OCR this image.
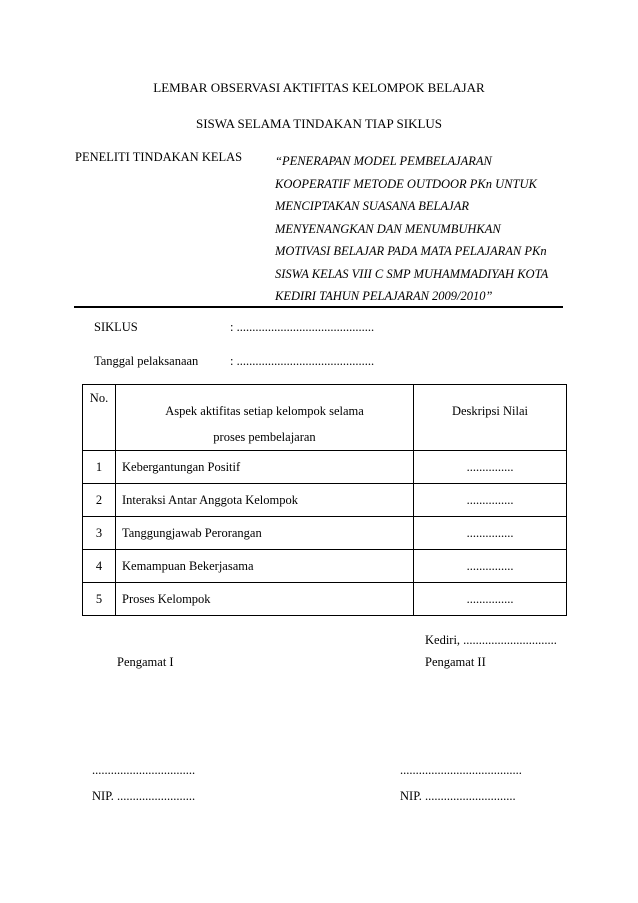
LEMBAR OBSERVASI AKTIFITAS KELOMPOK BELAJAR
SISWA SELAMA TINDAKAN TIAP SIKLUS
PENELITI TINDAKAN KELAS	“PENERAPAN MODEL PEMBELAJARAN
KOOPERATIF METODE OUTDOOR PKn UNTUK
MENCIPTAKAN SUASANA BELAJAR
MENYENANGKAN DAN MENUMBUHKAN
MOTIVASI BELAJAR PADA MATA PELAJARAN PKn
SISWA KELAS VIII C SMP MUHAMMADIYAH KOTA
KEDIRI TAHUN PELAJARAN 2009/2010”
SIKLUS	: ............................................
Tanggal pelaksanaan	: ............................................
No.	Aspek aktifitas setiap kelompok selama proses pembelajaran	Deskripsi Nilai
1	Kebergantungan Positif	...............
2	Interaksi Antar Anggota Kelompok	...............
3	Tanggungjawab Perorangan	...............
4	Kemampuan Bekerjasama	...............
5	Proses Kelompok	...............
Kediri, ..............................
Pengamat I	Pengamat II
.................................	.......................................
NIP. .........................	NIP. .............................
